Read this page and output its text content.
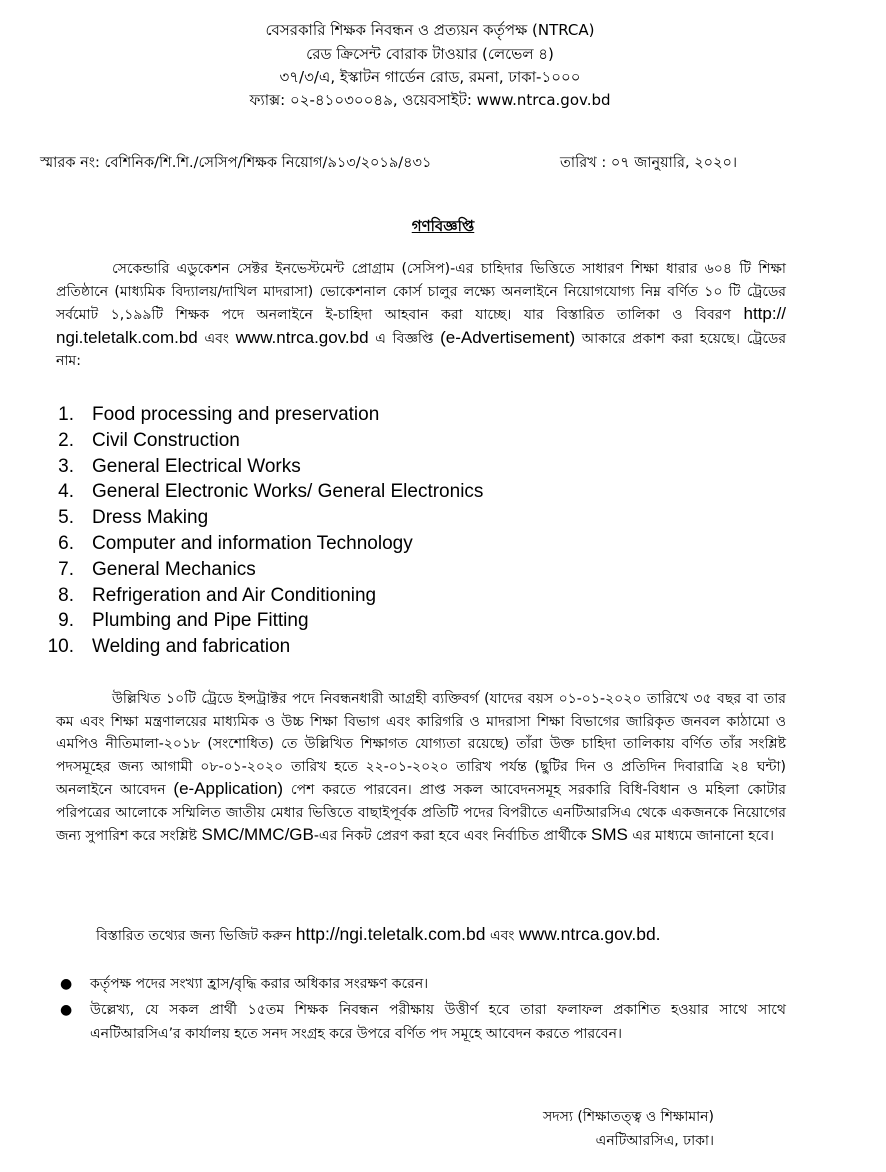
বেসরকারি শিক্ষক নিবন্ধন ও প্রত্যয়ন কর্তৃপক্ষ (NTRCA)
রেড ক্রিসেন্ট বোরাক টাওয়ার (লেভেল ৪)
৩৭/৩/এ, ইস্কাটন গার্ডেন রোড, রমনা, ঢাকা-১০০০
ফ্যাক্স: ০২-৪১০৩০০৪৯, ওয়েবসাইট: www.ntrca.gov.bd
স্মারক নং: বেশিনিক/শি.শি./সেসিপ/শিক্ষক নিয়োগ/৯১৩/২০১৯/৪৩১	তারিখ : ০৭ জানুয়ারি, ২০২০।
গণবিজ্ঞপ্তি
সেকেন্ডারি এডুকেশন সেক্টর ইনভেস্টমেন্ট প্রোগ্রাম (সেসিপ)-এর চাহিদার ভিত্তিতে সাধারণ শিক্ষা ধারার ৬০৪ টি শিক্ষা প্রতিষ্ঠানে (মাধ্যমিক বিদ্যালয়/দাখিল মাদরাসা) ভোকেশনাল কোর্স চালুর লক্ষ্যে অনলাইনে নিয়োগযোগ্য নিম্ন বর্ণিত ১০ টি ট্রেডের সর্বমোট ১,১৯৯টি শিক্ষক পদে অনলাইনে ই-চাহিদা আহবান করা যাচ্ছে। যার বিস্তারিত তালিকা ও বিবরণ http:// ngi.teletalk.com.bd এবং www.ntrca.gov.bd এ বিজ্ঞপ্তি (e-Advertisement) আকারে প্রকাশ করা হয়েছে। ট্রেডের নাম:
1. Food processing and preservation
2. Civil Construction
3. General Electrical Works
4. General Electronic Works/ General Electronics
5. Dress Making
6. Computer and information Technology
7. General Mechanics
8. Refrigeration and Air Conditioning
9. Plumbing and Pipe Fitting
10. Welding and fabrication
উল্লিখিত ১০টি ট্রেডে ইন্সট্রাক্টর পদে নিবন্ধনধারী আগ্রহী ব্যক্তিবর্গ (যাদের বয়স ০১-০১-২০২০ তারিখে ৩৫ বছর বা তার কম এবং শিক্ষা মন্ত্রণালয়ের মাধ্যমিক ও উচ্চ শিক্ষা বিভাগ এবং কারিগরি ও মাদরাসা শিক্ষা বিভাগের জারিকৃত জনবল কাঠামো ও এমপিও নীতিমালা-২০১৮ (সংশোধিত) তে উল্লিখিত শিক্ষাগত যোগ্যতা রয়েছে) তাঁরা উক্ত চাহিদা তালিকায় বর্ণিত তাঁর সংশ্লিষ্ট পদসমূহের জন্য আগামী ০৮-০১-২০২০ তারিখ হতে ২২-০১-২০২০ তারিখ পর্যন্ত (ছুটির দিন ও প্রতিদিন দিবারাত্রি ২৪ ঘন্টা) অনলাইনে আবেদন (e-Application) পেশ করতে পারবেন। প্রাপ্ত সকল আবেদনসমূহ সরকারি বিধি-বিধান ও মহিলা কোটার পরিপত্রের আলোকে সম্মিলিত জাতীয় মেধার ভিত্তিতে বাছাইপূর্বক প্রতিটি পদের বিপরীতে এনটিআরসিএ থেকে একজনকে নিয়োগের জন্য সুপারিশ করে সংশ্লিষ্ট SMC/MMC/GB-এর নিকট প্রেরণ করা হবে এবং নির্বাচিত প্রার্থীকে SMS এর মাধ্যমে জানানো হবে।
বিস্তারিত তথ্যের জন্য ভিজিট করুন http://ngi.teletalk.com.bd এবং www.ntrca.gov.bd.
● কর্তৃপক্ষ পদের সংখ্যা হ্রাস/বৃদ্ধি করার অধিকার সংরক্ষণ করেন।
● উল্লেখ্য, যে সকল প্রার্থী ১৫তম শিক্ষক নিবন্ধন পরীক্ষায় উত্তীর্ণ হবে তারা ফলাফল প্রকাশিত হওয়ার সাথে সাথে এনটিআরসিএ’র কার্যালয় হতে সনদ সংগ্রহ করে উপরে বর্ণিত পদ সমূহে আবেদন করতে পারবেন।
সদস্য (শিক্ষাতত্ত্ব ও শিক্ষামান)
এনটিআরসিএ, ঢাকা।
